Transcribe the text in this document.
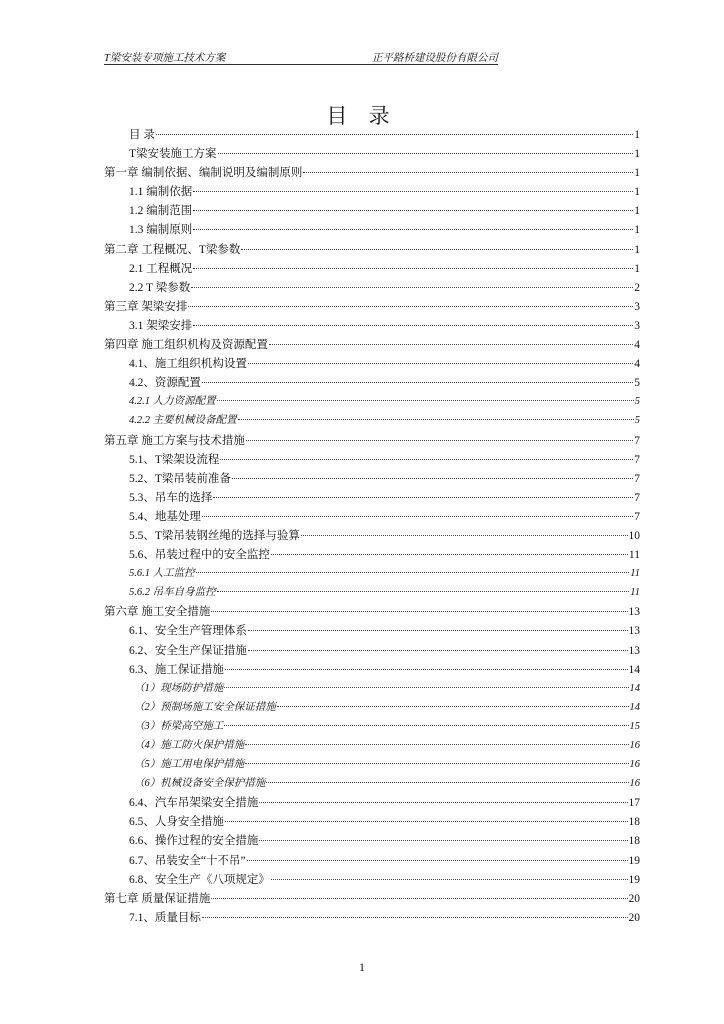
T梁安装专项施工技术方案	正平路桥建设股份有限公司
目 录
目 录	1
T梁安装施工方案	1
第一章 编制依据、编制说明及编制原则	1
1.1 编制依据	1
1.2 编制范围	1
1.3 编制原则	1
第二章 工程概况、T梁参数	1
2.1 工程概况	1
2.2 T 梁参数	2
第三章 架梁安排	3
3.1 架梁安排	3
第四章 施工组织机构及资源配置	4
4.1、施工组织机构设置	4
4.2、资源配置	5
4.2.1 人力资源配置	5
4.2.2 主要机械设备配置	5
第五章 施工方案与技术措施	7
5.1、T梁架设流程	7
5.2、T梁吊装前准备	7
5.3、吊车的选择	7
5.4、地基处理	7
5.5、T梁吊装钢丝绳的选择与验算	10
5.6、吊装过程中的安全监控	11
5.6.1 人工监控	11
5.6.2 吊车自身监控	11
第六章 施工安全措施	13
6.1、安全生产管理体系	13
6.2、安全生产保证措施	13
6.3、施工保证措施	14
（1）现场防护措施	14
（2）预制场施工安全保证措施	14
（3）桥梁高空施工	15
（4）施工防火保护措施	16
（5）施工用电保护措施	16
（6）机械设备安全保护措施	16
6.4、汽车吊架梁安全措施	17
6.5、人身安全措施	18
6.6、操作过程的安全措施	18
6.7、吊装安全“十不吊”	19
6.8、安全生产《八项规定》	19
第七章 质量保证措施	20
7.1、质量目标	20
1
